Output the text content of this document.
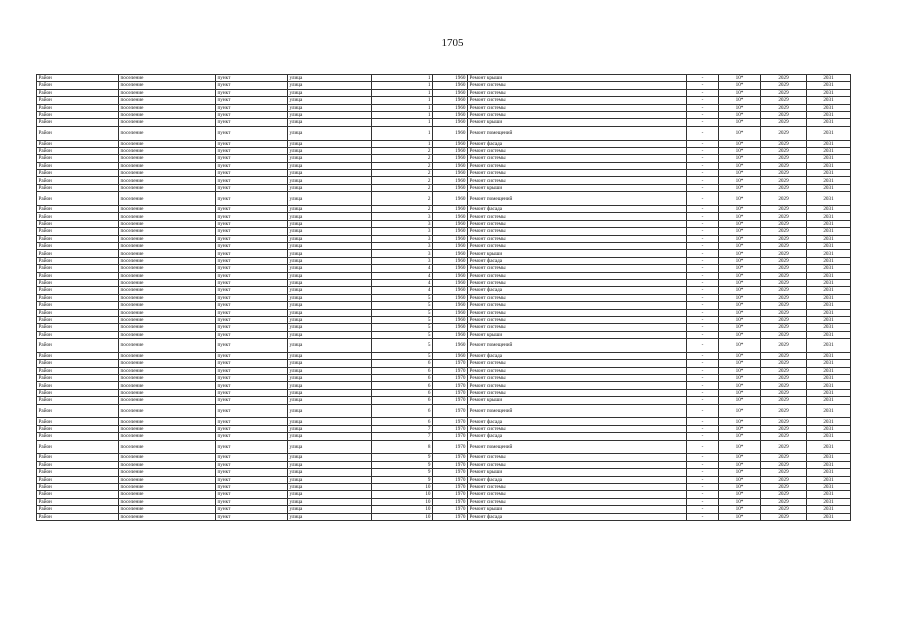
1705
Район	поселение	пункт	улица	1	1960	Ремонт крыши	-	10*	2029	2031
Район	поселение	пункт	улица	1	1960	Ремонт системы	-	10*	2029	2031
Район	поселение	пункт	улица	1	1960	Ремонт системы	-	10*	2029	2031
Район	поселение	пункт	улица	1	1960	Ремонт системы	-	10*	2029	2031
Район	поселение	пункт	улица	1	1960	Ремонт системы	-	10*	2029	2031
Район	поселение	пункт	улица	1	1960	Ремонт системы	-	10*	2029	2031
Район	поселение	пункт	улица	1	1960	Ремонт крыши	-	10*	2029	2031
Район	поселение	пункт	улица	1	1960	Ремонт помещений	-	10*	2029	2031
Район	поселение	пункт	улица	1	1960	Ремонт фасада	-	10*	2029	2031
Район	поселение	пункт	улица	2	1960	Ремонт системы	-	10*	2029	2031
Район	поселение	пункт	улица	2	1960	Ремонт системы	-	10*	2029	2031
Район	поселение	пункт	улица	2	1960	Ремонт системы	-	10*	2029	2031
Район	поселение	пункт	улица	2	1960	Ремонт системы	-	10*	2029	2031
Район	поселение	пункт	улица	2	1960	Ремонт системы	-	10*	2029	2031
Район	поселение	пункт	улица	2	1960	Ремонт крыши	-	10*	2029	2031
Район	поселение	пункт	улица	2	1960	Ремонт помещений	-	10*	2029	2031
Район	поселение	пункт	улица	2	1960	Ремонт фасада	-	10*	2029	2031
Район	поселение	пункт	улица	3	1960	Ремонт системы	-	10*	2029	2031
Район	поселение	пункт	улица	3	1960	Ремонт системы	-	10*	2029	2031
Район	поселение	пункт	улица	3	1960	Ремонт системы	-	10*	2029	2031
Район	поселение	пункт	улица	3	1960	Ремонт системы	-	10*	2029	2031
Район	поселение	пункт	улица	3	1960	Ремонт системы	-	10*	2029	2031
Район	поселение	пункт	улица	3	1960	Ремонт крыши	-	10*	2029	2031
Район	поселение	пункт	улица	3	1960	Ремонт фасада	-	10*	2029	2031
Район	поселение	пункт	улица	4	1960	Ремонт системы	-	10*	2029	2031
Район	поселение	пункт	улица	4	1960	Ремонт системы	-	10*	2029	2031
Район	поселение	пункт	улица	4	1960	Ремонт системы	-	10*	2029	2031
Район	поселение	пункт	улица	4	1960	Ремонт фасада	-	10*	2029	2031
Район	поселение	пункт	улица	5	1960	Ремонт системы	-	10*	2029	2031
Район	поселение	пункт	улица	5	1960	Ремонт системы	-	10*	2029	2031
Район	поселение	пункт	улица	5	1960	Ремонт системы	-	10*	2029	2031
Район	поселение	пункт	улица	5	1960	Ремонт системы	-	10*	2029	2031
Район	поселение	пункт	улица	5	1960	Ремонт системы	-	10*	2029	2031
Район	поселение	пункт	улица	5	1960	Ремонт крыши	-	10*	2029	2031
Район	поселение	пункт	улица	5	1960	Ремонт помещений	-	10*	2029	2031
Район	поселение	пункт	улица	5	1960	Ремонт фасада	-	10*	2029	2031
Район	поселение	пункт	улица	6	1970	Ремонт системы	-	10*	2029	2031
Район	поселение	пункт	улица	6	1970	Ремонт системы	-	10*	2029	2031
Район	поселение	пункт	улица	6	1970	Ремонт системы	-	10*	2029	2031
Район	поселение	пункт	улица	6	1970	Ремонт системы	-	10*	2029	2031
Район	поселение	пункт	улица	6	1970	Ремонт системы	-	10*	2029	2031
Район	поселение	пункт	улица	6	1970	Ремонт крыши	-	10*	2029	2031
Район	поселение	пункт	улица	6	1970	Ремонт помещений	-	10*	2029	2031
Район	поселение	пункт	улица	6	1970	Ремонт фасада	-	10*	2029	2031
Район	поселение	пункт	улица	7	1970	Ремонт системы	-	10*	2029	2031
Район	поселение	пункт	улица	7	1970	Ремонт фасада	-	10*	2029	2031
Район	поселение	пункт	улица	8	1970	Ремонт помещений	-	10*	2029	2031
Район	поселение	пункт	улица	9	1970	Ремонт системы	-	10*	2029	2031
Район	поселение	пункт	улица	9	1970	Ремонт системы	-	10*	2029	2031
Район	поселение	пункт	улица	9	1970	Ремонт крыши	-	10*	2029	2031
Район	поселение	пункт	улица	9	1970	Ремонт фасада	-	10*	2029	2031
Район	поселение	пункт	улица	10	1970	Ремонт системы	-	10*	2029	2031
Район	поселение	пункт	улица	10	1970	Ремонт системы	-	10*	2029	2031
Район	поселение	пункт	улица	10	1970	Ремонт системы	-	10*	2029	2031
Район	поселение	пункт	улица	10	1970	Ремонт крыши	-	10*	2029	2031
Район	поселение	пункт	улица	10	1970	Ремонт фасада	-	10*	2029	2031
